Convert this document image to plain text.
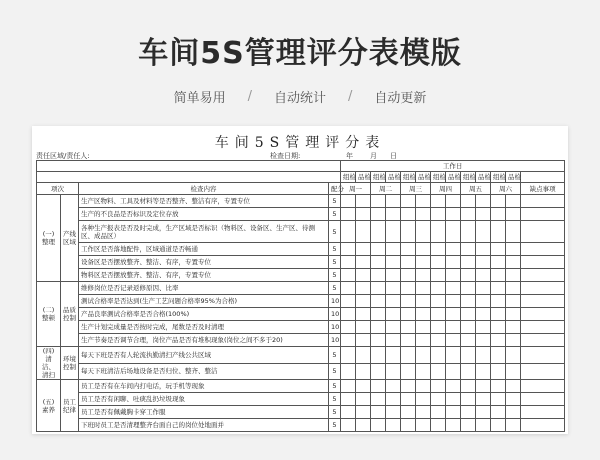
车间5S管理评分表模版
简单易用 / 自动统计 / 自动更新
车间5S管理评分表
责任区域/责任人:	检查日期:	年 月 日
				工作日												
				组检	品检	组检	品检	组检	品检	组检	品检	组检	品检	组检	品检	
项次		检查内容	配分	周一		周二		周三		周四		周五		周六		缺点事项
(一) 整理	产线 区域	生产区物料、工具及材料等是否整齐、整洁有序，专置专位	5													
		生产的不良品是否标识及定位存放	5													
		各种生产报表是否及时完成，生产区域是否标识（物料区、设备区、生产区、待测区、成品区）	5													
		工作区是否落地配件，区域通道是否畅通	5													
		设备区是否摆放整齐、整洁、有序，专置专位	5													
		物料区是否摆放整齐、整洁、有序，专置专位	5													
(二) 整顿	品质 控制	维修岗位是否记录返修原因、比率	5													
		测试合格率是否达到(生产工艺问题合格率95%为合格)	10													
		产品良率测试合格率是否合格(100%)	10													
		生产计划完成量是否按时完成，尾数是否及时清理	10													
		生产节奏是否调节合理，岗位产品是否有堆积现象(岗位之间不多于20)	10													
(四) 清洁、 清扫	环境 控制	每天下班是否有人轮流执勤清扫产线公共区域	5													
		每天下班清洁后场地设备是否归位、整齐、整洁	5													
(五) 素养	员工 纪律	员工是否有在车间内打电话，玩手机等现象	5													
		员工是否有闲聊、吐痰乱扔垃圾现象	5													
		员工是否有佩戴胸卡穿工作服	5													
		下班时员工是否清理整齐台面自己的岗位处地面并	5													
